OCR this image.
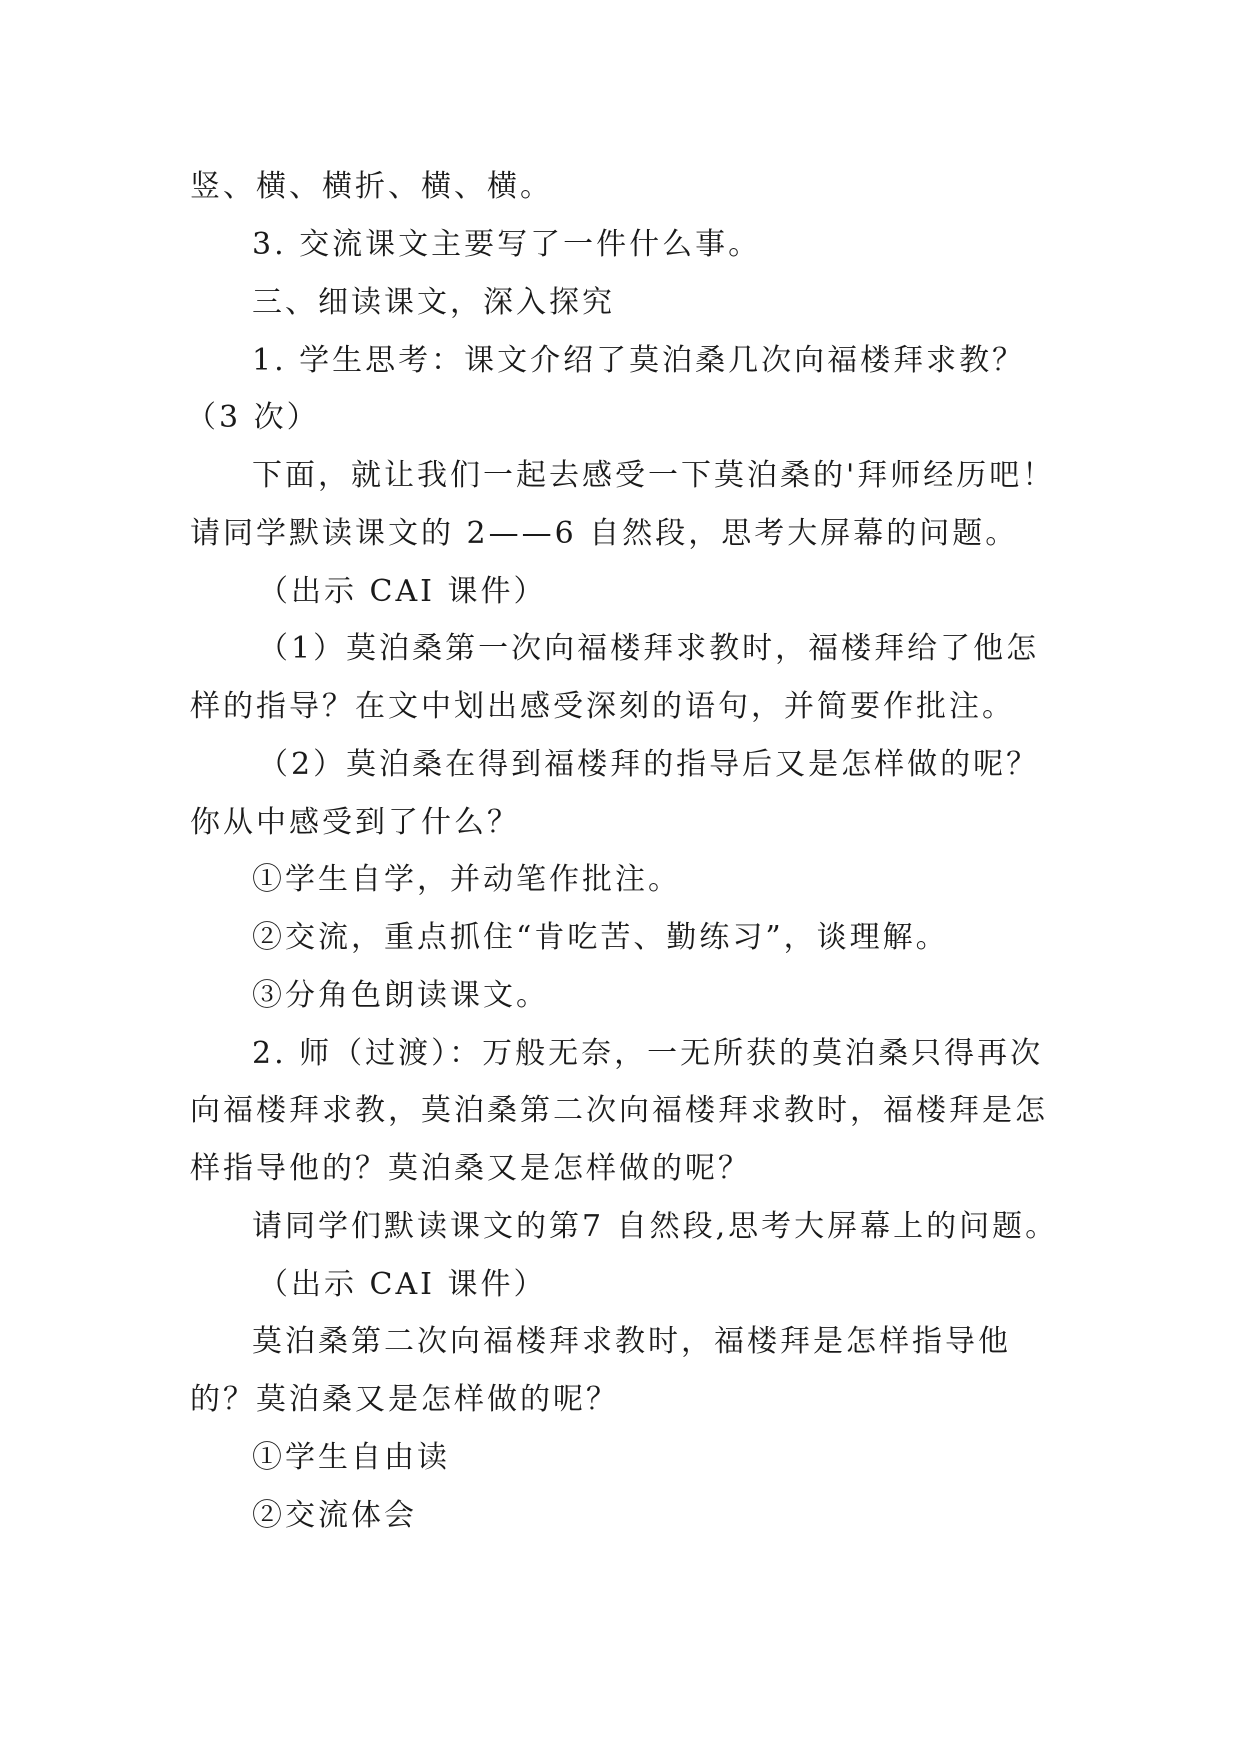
竖、横、横折、横、横。

3. 交流课文主要写了一件什么事。

三、细读课文，深入探究

1. 学生思考：课文介绍了莫泊桑几次向福楼拜求教？

（3 次）

下面，就让我们一起去感受一下莫泊桑的'拜师经历吧！

请同学默读课文的 2——6 自然段，思考大屏幕的问题。

（出示 CAI 课件）

（1）莫泊桑第一次向福楼拜求教时，福楼拜给了他怎

样的指导？在文中划出感受深刻的语句，并简要作批注。

（2）莫泊桑在得到福楼拜的指导后又是怎样做的呢？

你从中感受到了什么？

①学生自学，并动笔作批注。

②交流，重点抓住“肯吃苦、勤练习”，谈理解。

③分角色朗读课文。

2. 师（过渡）：万般无奈，一无所获的莫泊桑只得再次

向福楼拜求教，莫泊桑第二次向福楼拜求教时，福楼拜是怎

样指导他的？莫泊桑又是怎样做的呢？

请同学们默读课文的第7 自然段,思考大屏幕上的问题。

（出示 CAI 课件）

莫泊桑第二次向福楼拜求教时，福楼拜是怎样指导他

的？莫泊桑又是怎样做的呢？

①学生自由读

②交流体会
